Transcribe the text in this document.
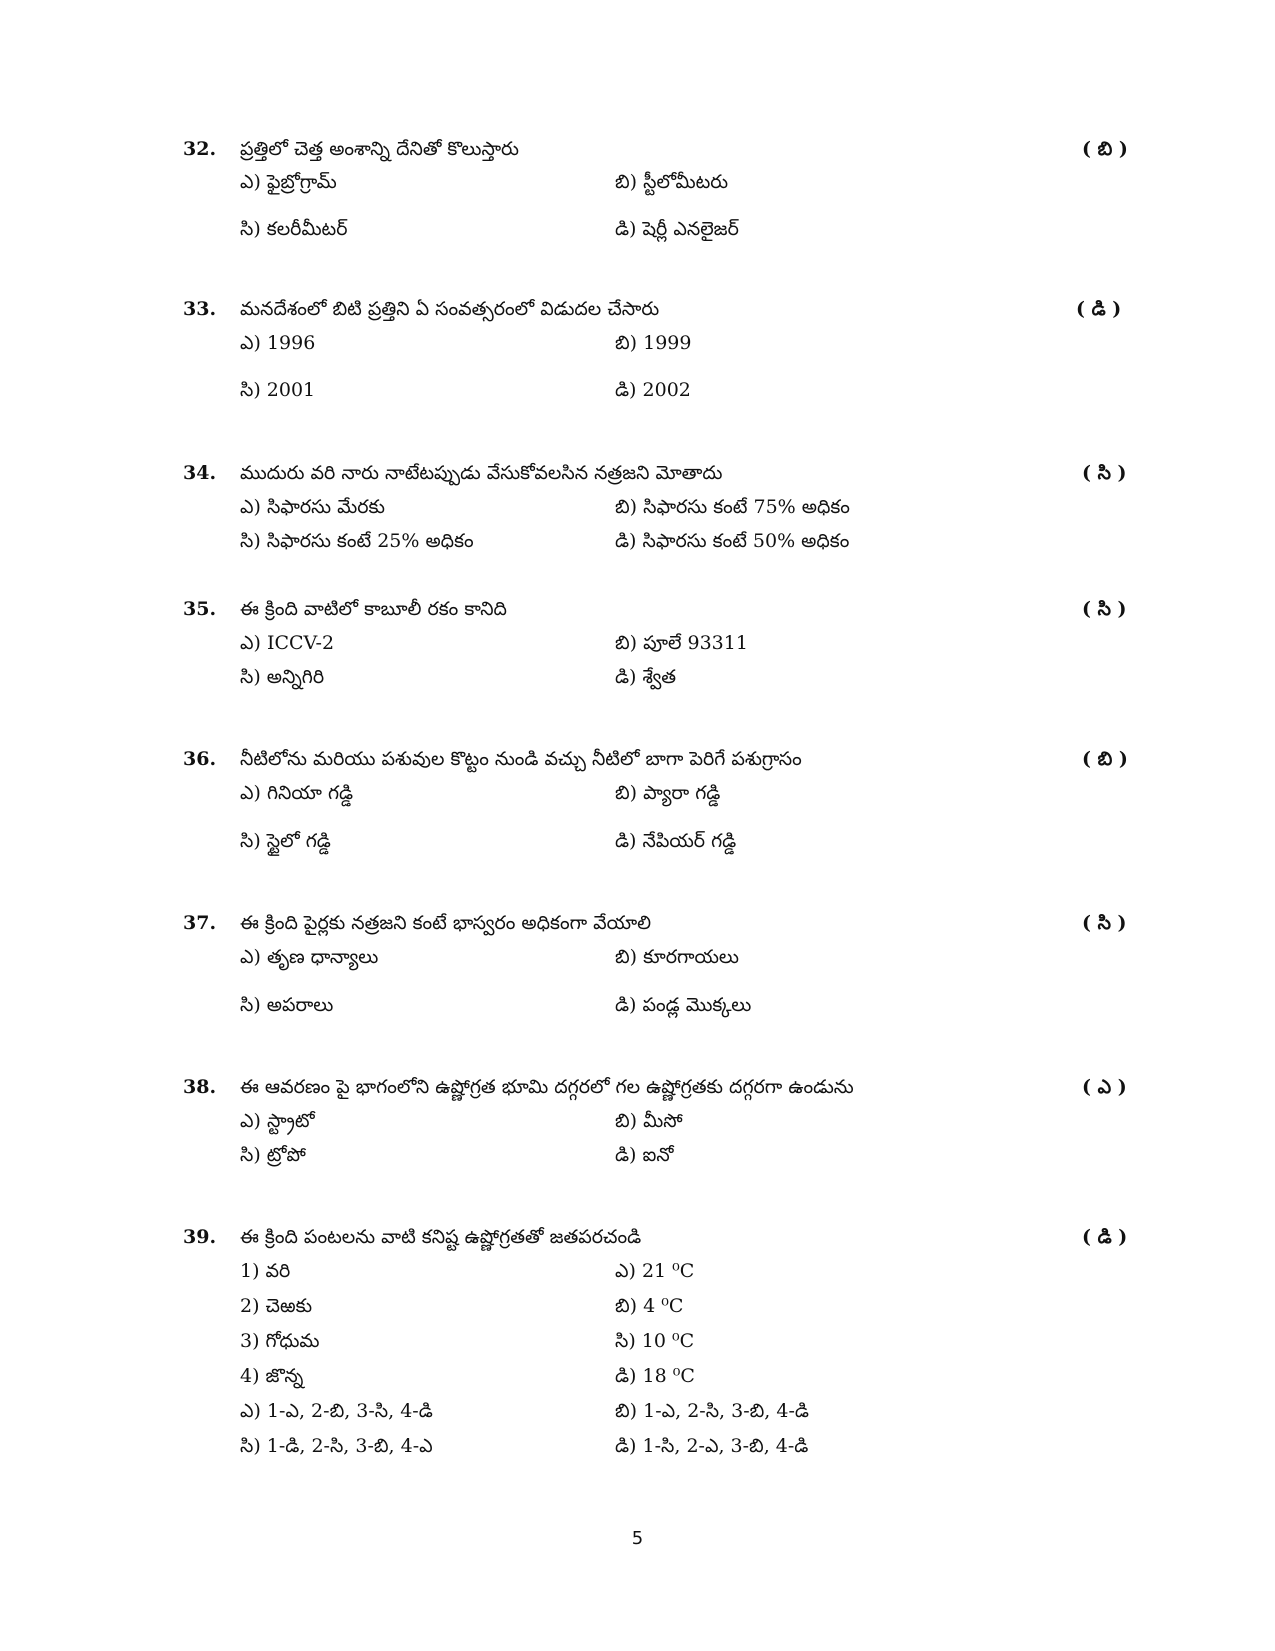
32. ప్రత్తిలో చెత్త అంశాన్ని దేనితో కొలుస్తారు	( బి )
ఎ) ఫైబ్రోగ్రామ్	బి) స్టీలోమీటరు
సి) కలరీమీటర్	డి) షెర్లీ ఎనలైజర్
33. మనదేశంలో బిటి ప్రత్తిని ఏ సంవత్సరంలో విడుదల చేసారు	( డి )
ఎ) 1996	బి) 1999
సి) 2001	డి) 2002
34. ముదురు వరి నారు నాటేటప్పుడు వేసుకోవలసిన నత్రజని మోతాదు	( సి )
ఎ) సిఫారసు మేరకు	బి) సిఫారసు కంటే 75% అధికం
సి) సిఫారసు కంటే 25% అధికం	డి) సిఫారసు కంటే 50% అధికం
35. ఈ క్రింది వాటిలో కాబూలీ రకం కానిది	( సి )
ఎ) ICCV-2	బి) పూలే 93311
సి) అన్నిగిరి	డి) శ్వేత
36. నీటిలోను మరియు పశువుల కొట్టం నుండి వచ్చు నీటిలో బాగా పెరిగే పశుగ్రాసం	( బి )
ఎ) గినియా గడ్డి	బి) ప్యారా గడ్డి
సి) స్టైలో గడ్డి	డి) నేపియర్ గడ్డి
37. ఈ క్రింది పైర్లకు నత్రజని కంటే భాస్వరం అధికంగా వేయాలి	( సి )
ఎ) తృణ ధాన్యాలు	బి) కూరగాయలు
సి) అపరాలు	డి) పండ్ల మొక్కలు
38. ఈ ఆవరణం పై భాగంలోని ఉష్ణోగ్రత భూమి దగ్గరలో గల ఉష్ణోగ్రతకు దగ్గరగా ఉండును	( ఎ )
ఎ) స్ట్రాటో	బి) మీసో
సి) ట్రోపో	డి) ఐనో
39. ఈ క్రింది పంటలను వాటి కనిష్ట ఉష్ణోగ్రతతో జతపరచండి	( డి )
1) వరి	ఎ) 21 ⁰C
2) చెఱకు	బి) 4 ⁰C
3) గోధుమ	సి) 10 ⁰C
4) జొన్న	డి) 18 ⁰C
ఎ) 1-ఎ, 2-బి, 3-సి, 4-డి	బి) 1-ఎ, 2-సి, 3-బి, 4-డి
సి) 1-డి, 2-సి, 3-బి, 4-ఎ	డి) 1-సి, 2-ఎ, 3-బి, 4-డి
5
